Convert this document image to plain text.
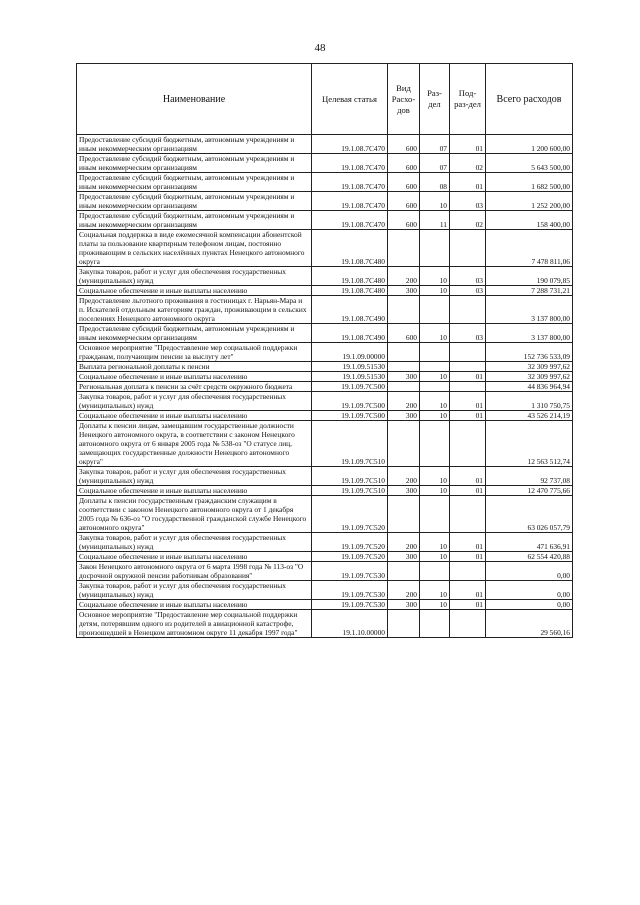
48
Наименование	Целевая статья	Вид Расхо-дов	Раз-дел	Под-раз-дел	Всего расходов
Предоставление субсидий бюджетным, автономным учреждениям и иным некоммерческим организациям	19.1.08.7С470	600	07	01	1 200 600,00
Предоставление субсидий бюджетным, автономным учреждениям и иным некоммерческим организациям	19.1.08.7С470	600	07	02	5 643 500,00
Предоставление субсидий бюджетным, автономным учреждениям и иным некоммерческим организациям	19.1.08.7С470	600	08	01	1 682 500,00
Предоставление субсидий бюджетным, автономным учреждениям и иным некоммерческим организациям	19.1.08.7С470	600	10	03	1 252 200,00
Предоставление субсидий бюджетным, автономным учреждениям и иным некоммерческим организациям	19.1.08.7С470	600	11	02	158 400,00
Социальная поддержка в виде ежемесячной компенсации абонентской платы за пользование квартирным телефоном лицам, постоянно проживающим в сельских населённых пунктах Ненецкого автономного округа	19.1.08.7С480				7 478 811,06
Закупка товаров, работ и услуг для обеспечения государственных (муниципальных) нужд	19.1.08.7С480	200	10	03	190 079,85
Социальное обеспечение и иные выплаты населению	19.1.08.7С480	300	10	03	7 288 731,21
Предоставление льготного проживания в гостиницах г. Нарьян-Мара и п. Искателей отдельным категориям граждан, проживающим в сельских поселениях Ненецкого автономного округа	19.1.08.7С490				3 137 800,00
Предоставление субсидий бюджетным, автономным учреждениям и иным некоммерческим организациям	19.1.08.7С490	600	10	03	3 137 800,00
Основное мероприятие "Предоставление мер социальной поддержки гражданам, получающим пенсии за выслугу лет"	19.1.09.00000				152 736 533,09
Выплата региональной доплаты к пенсии	19.1.09.51530				32 309 997,62
Социальное обеспечение и иные выплаты населению	19.1.09.51530	300	10	01	32 309 997,62
Региональная доплата к пенсии за счёт средств окружного бюджета	19.1.09.7С500				44 836 964,94
Закупка товаров, работ и услуг для обеспечения государственных (муниципальных) нужд	19.1.09.7С500	200	10	01	1 310 750,75
Социальное обеспечение и иные выплаты населению	19.1.09.7С500	300	10	01	43 526 214,19
Доплаты к пенсии лицам, замещавшим государственные должности Ненецкого автономного округа, в соответствии с законом Ненецкого автономного округа от 6 января 2005 года № 538-оз "О статусе лиц, замещающих государственные должности Ненецкого автономного округа"	19.1.09.7С510				12 563 512,74
Закупка товаров, работ и услуг для обеспечения государственных (муниципальных) нужд	19.1.09.7С510	200	10	01	92 737,08
Социальное обеспечение и иные выплаты населению	19.1.09.7С510	300	10	01	12 470 775,66
Доплаты к пенсии государственным гражданским служащим в соответствии с законом Ненецкого автономного округа от 1 декабря 2005 года № 636-оз "О государственной гражданской службе Ненецкого автономного округа"	19.1.09.7С520				63 026 057,79
Закупка товаров, работ и услуг для обеспечения государственных (муниципальных) нужд	19.1.09.7С520	200	10	01	471 636,91
Социальное обеспечение и иные выплаты населению	19.1.09.7С520	300	10	01	62 554 420,88
Закон Ненецкого автономного округа от 6 марта 1998 года № 113-оз "О досрочной окружной пенсии работникам образования"	19.1.09.7С530				0,00
Закупка товаров, работ и услуг для обеспечения государственных (муниципальных) нужд	19.1.09.7С530	200	10	01	0,00
Социальное обеспечение и иные выплаты населению	19.1.09.7С530	300	10	01	0,00
Основное мероприятие "Предоставление мер социальной поддержки детям, потерявшим одного из родителей в авиационной катастрофе, произошедшей в Ненецком автономном округе 11 декабря 1997 года"	19.1.10.00000				29 560,16
